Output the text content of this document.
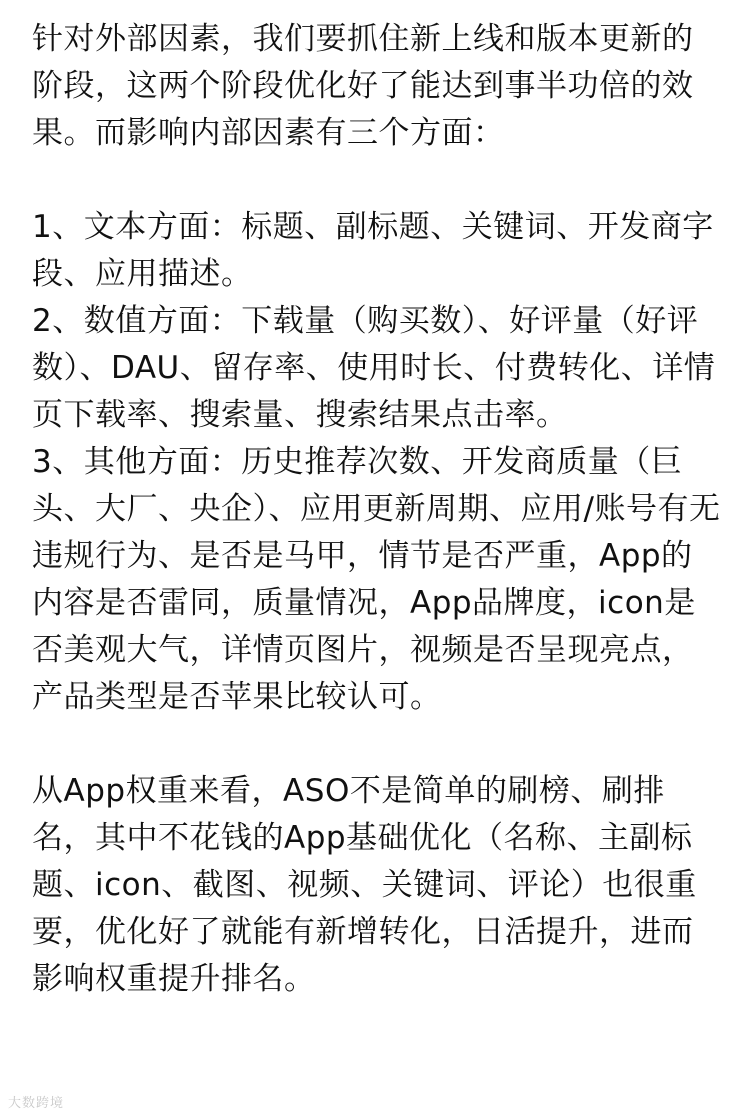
针对外部因素，我们要抓住新上线和版本更新的阶段，这两个阶段优化好了能达到事半功倍的效果。而影响内部因素有三个方面：

1、文本方面：标题、副标题、关键词、开发商字段、应用描述。

2、数值方面：下载量（购买数）、好评量（好评数）、DAU、留存率、使用时长、付费转化、详情页下载率、搜索量、搜索结果点击率。

3、其他方面：历史推荐次数、开发商质量（巨头、大厂、央企）、应用更新周期、应用/账号有无违规行为、是否是马甲，情节是否严重，App的内容是否雷同，质量情况，App品牌度，icon是否美观大气，详情页图片，视频是否呈现亮点，产品类型是否苹果比较认可。

从App权重来看，ASO不是简单的刷榜、刷排名，其中不花钱的App基础优化（名称、主副标题、icon、截图、视频、关键词、评论）也很重要，优化好了就能有新增转化，日活提升，进而影响权重提升排名。

大数跨境
